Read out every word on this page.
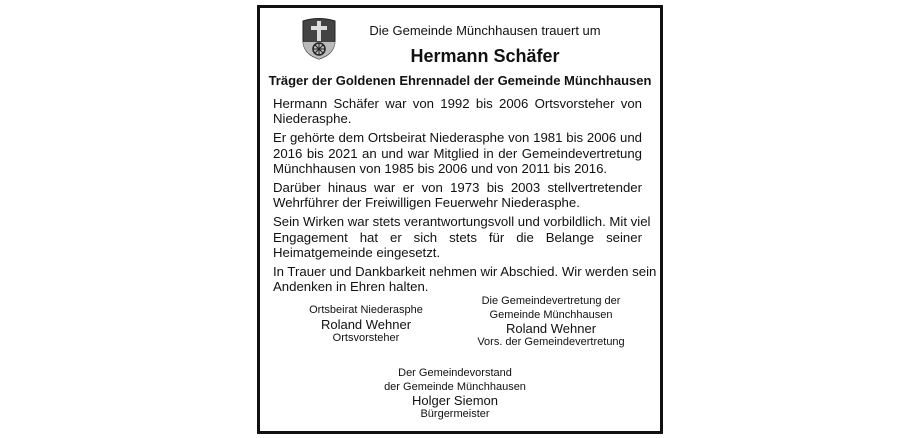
Die Gemeinde Münchhausen trauert um
Hermann Schäfer
Träger der Goldenen Ehrennadel der Gemeinde Münchhausen
Hermann Schäfer war von 1992 bis 2006 Ortsvorsteher von
Niederasphe.
Er gehörte dem Ortsbeirat Niederasphe von 1981 bis 2006 und
2016 bis 2021 an und war Mitglied in der Gemeindevertretung
Münchhausen von 1985 bis 2006 und von 2011 bis 2016.
Darüber hinaus war er von 1973 bis 2003 stellvertretender
Wehrführer der Freiwilligen Feuerwehr Niederasphe.
Sein Wirken war stets verantwortungsvoll und vorbildlich. Mit viel
Engagement hat er sich stets für die Belange seiner
Heimatgemeinde eingesetzt.
In Trauer und Dankbarkeit nehmen wir Abschied. Wir werden sein
Andenken in Ehren halten.
Ortsbeirat Niederasphe
Roland Wehner
Ortsvorsteher
Die Gemeindevertretung der
Gemeinde Münchhausen
Roland Wehner
Vors. der Gemeindevertretung
Der Gemeindevorstand
der Gemeinde Münchhausen
Holger Siemon
Bürgermeister
